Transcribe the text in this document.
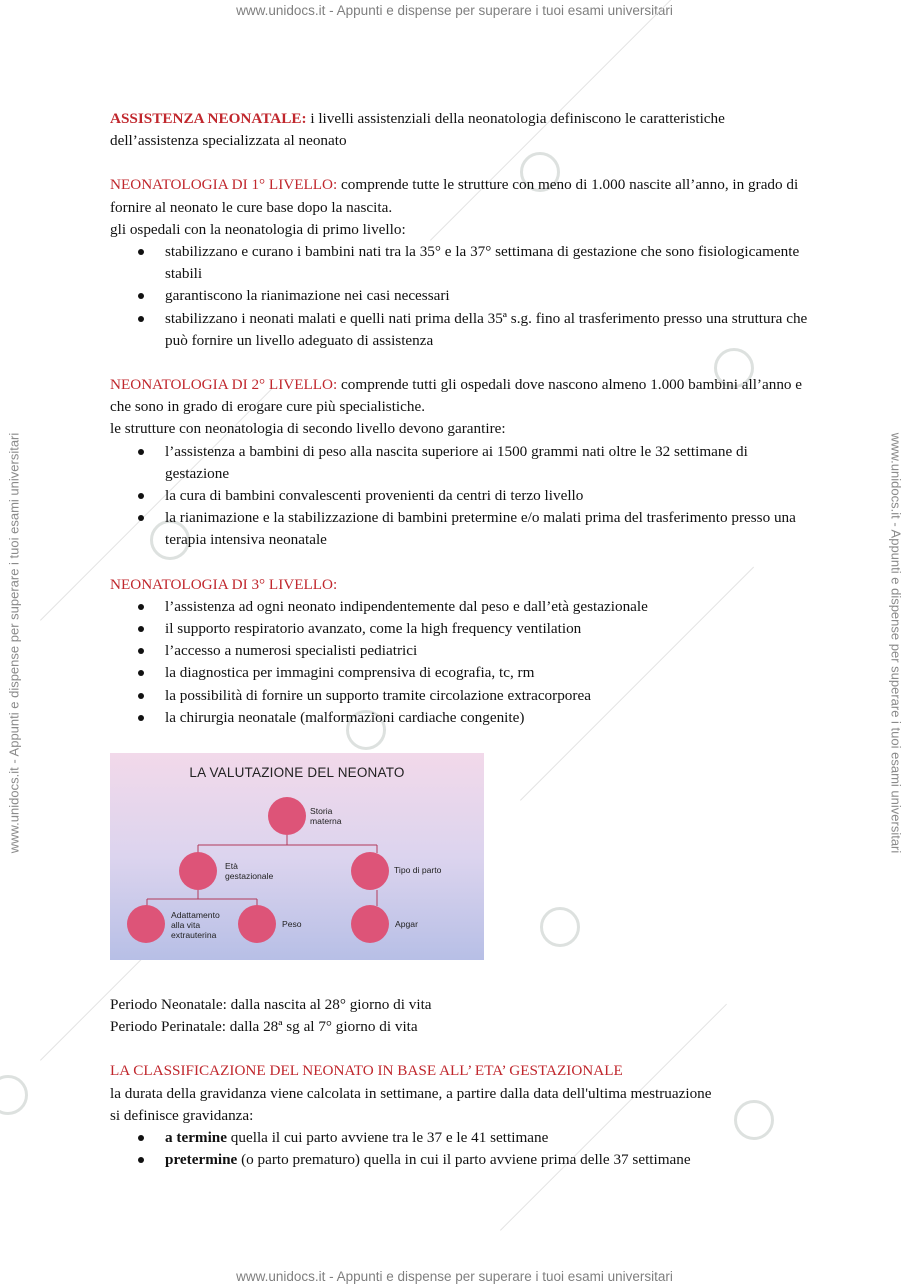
www.unidocs.it - Appunti e dispense per superare i tuoi esami universitari
www.unidocs.it - Appunti e dispense per superare i tuoi esami universitari
www.unidocs.it - Appunti e dispense per superare i tuoi esami universitari	www.unidocs.it - Appunti e dispense per superare i tuoi esami universitari

ASSISTENZA NEONATALE: i livelli assistenziali della neonatologia definiscono le caratteristiche dell’assistenza specializzata al neonato

NEONATOLOGIA DI 1° LIVELLO: comprende tutte le strutture con meno di 1.000 nascite all’anno, in grado di fornire al neonato le cure base dopo la nascita.

gli ospedali con la neonatologia di primo livello:

stabilizzano e curano i bambini nati tra la 35° e la 37° settimana di gestazione che sono fisiologicamente stabili
garantiscono la rianimazione nei casi necessari
stabilizzano i neonati malati e quelli nati prima della 35ª s.g. fino al trasferimento presso una struttura che può fornire un livello adeguato di assistenza

NEONATOLOGIA DI 2° LIVELLO: comprende tutti gli ospedali dove nascono almeno 1.000 bambini all’anno e che sono in grado di erogare cure più specialistiche.

le strutture con neonatologia di secondo livello devono garantire:

l’assistenza a bambini di peso alla nascita superiore ai 1500 grammi nati oltre le 32 settimane di gestazione
la cura di bambini convalescenti provenienti da centri di terzo livello
la rianimazione e la stabilizzazione di bambini pretermine e/o malati prima del trasferimento presso una terapia intensiva neonatale

NEONATOLOGIA DI 3° LIVELLO:

l’assistenza ad ogni neonato indipendentemente dal peso e dall’età gestazionale
il supporto respiratorio avanzato, come la high frequency ventilation
l’accesso a numerosi specialisti pediatrici
la diagnostica per immagini comprensiva di ecografia, tc, rm
la possibilità di fornire un supporto tramite circolazione extracorporea
la chirurgia neonatale (malformazioni cardiache congenite)
LA VALUTAZIONE DEL NEONATO
Storia materna
Età gestazionale
Tipo di parto
Adattamento alla vita extrauterina
Peso	Apgar

Periodo Neonatale: dalla nascita al 28° giorno di vita

Periodo Perinatale: dalla 28ª sg al 7° giorno di vita

LA CLASSIFICAZIONE DEL NEONATO IN BASE ALL’ ETA’ GESTAZIONALE

la durata della gravidanza viene calcolata in settimane, a partire dalla data dell'ultima mestruazione

si definisce gravidanza:

a termine quella il cui parto avviene tra le 37 e le 41 settimane
pretermine (o parto prematuro) quella in cui il parto avviene prima delle 37 settimane
